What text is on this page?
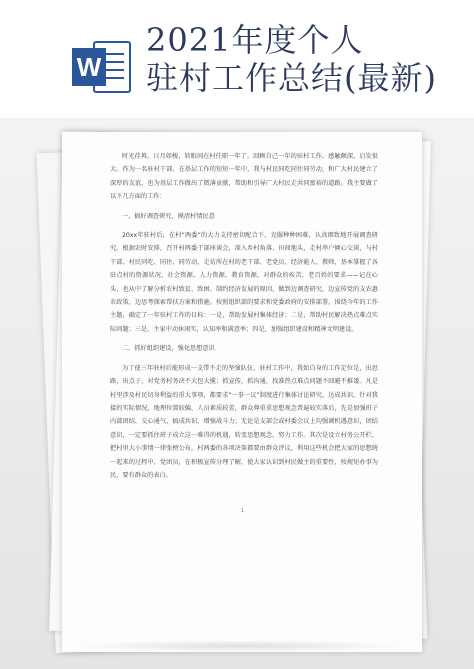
W
2021年度个人
驻村工作总结(最新)

时光荏苒，日月如梭，转眼间在村任职一年了。回顾自己一年的驻村工作，感触颇深，启发很大。作为一名驻村干部，在基层工作的短短一年中，我与村民同吃同住同劳动，和广大村民建立了深厚的友谊，也为基层工作做出了微薄贡献，帮助和引导广大村民走共同富裕的道路。我主要做了以下几方面的工作：

一、搞好调查研究，摸清村情民意

20xx年驻村后，在村“两委”的大力支持密切配合下，克服种种困难，认真细致地开展调查研究。根据农时安排，召开村两委干部座谈会，深入乡村角落、田间地头，走村串户倾心交谈，与村干部、村民同吃、同住、同劳动，走访所在村的老干部、老党员、经济能人、教师，基本掌握了各驻点村的资源状况、社会资源、人力资源、教育资源，对群众的疾苦，老百姓的要求——记在心头，也从中了解分析农村致贫、致困、制约经济发展的原因，做到边调查研究，边宣传党的支农惠农政策，边思考探索帮扶方案和措施。按照组织部的要求和党委政府的安排部署，围绕今年的工作主题，确定了一年驻村工作的目标：一是，帮助发展村集体经济；二是，帮助村民解决热点难点实际问题；三是，主家中动休闲实，认知率和满意率；四是，加强组织建设和精神文明建设。

二、抓好组织建设，强化思想意识

为了使三年驻村后能形成一支带不走的坚强队伍，驻村工作中，我始自身的工作定位是，出思路，出点子，对党务村务决不大包大揽；抓宣传，抓沟通，找准热点难点问题不回避不推诿。凡是村里涉及村民切身利益的重大事项，都要求“一事一议”制度进行集体讨论研究，达成共识。针对我接的实际情况，地理位置较偏，人员素质较差，群众尊重重思想观念普遍较实落后，先是加强班子内部团结，交心通气，搞成共识，增强战斗力；无论是支部会或村委会议上均强调机遇意识，团结意识，一定要抓住班子成立这一难得的机遇，转变思想观念，努力工作。其次是设立村务公开栏，把村里大小事情一律张榜公布，村两委的各项决策都要由群众评议，利用这些机会把大家的思想统一起来的过程中，党团员，在积极宣传分理了解，使大家认识到村民做主的重要性，按规矩办事为民，要有群众的表白。

1
